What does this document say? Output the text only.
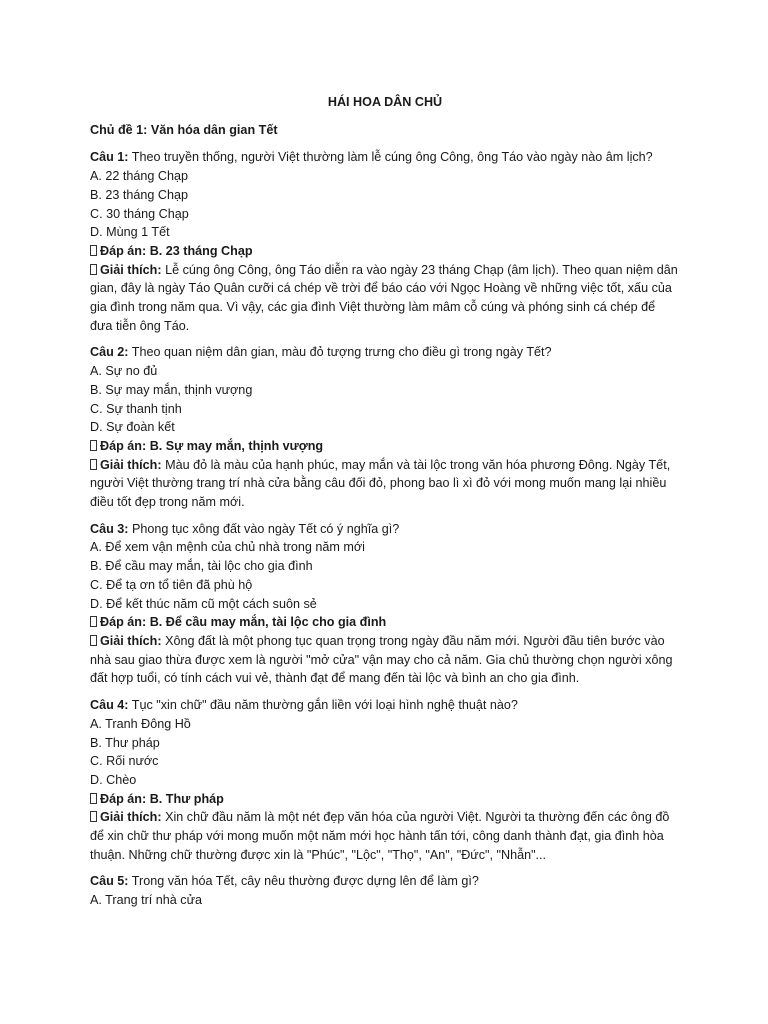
HÁI HOA DÂN CHỦ

Chủ đề 1: Văn hóa dân gian Tết

Câu 1: Theo truyền thống, người Việt thường làm lễ cúng ông Công, ông Táo vào ngày nào âm lịch?

A. 22 tháng Chạp

B. 23 tháng Chạp

C. 30 tháng Chạp

D. Mùng 1 Tết

Đáp án: B. 23 tháng Chạp

Giải thích: Lễ cúng ông Công, ông Táo diễn ra vào ngày 23 tháng Chạp (âm lịch). Theo quan niệm dân gian, đây là ngày Táo Quân cưỡi cá chép về trời để báo cáo với Ngọc Hoàng về những việc tốt, xấu của gia đình trong năm qua. Vì vậy, các gia đình Việt thường làm mâm cỗ cúng và phóng sinh cá chép để đưa tiễn ông Táo.

Câu 2: Theo quan niệm dân gian, màu đỏ tượng trưng cho điều gì trong ngày Tết?

A. Sự no đủ

B. Sự may mắn, thịnh vượng

C. Sự thanh tịnh

D. Sự đoàn kết

Đáp án: B. Sự may mắn, thịnh vượng

Giải thích: Màu đỏ là màu của hạnh phúc, may mắn và tài lộc trong văn hóa phương Đông. Ngày Tết, người Việt thường trang trí nhà cửa bằng câu đối đỏ, phong bao lì xì đỏ với mong muốn mang lại nhiều điều tốt đẹp trong năm mới.

Câu 3: Phong tục xông đất vào ngày Tết có ý nghĩa gì?

A. Để xem vận mệnh của chủ nhà trong năm mới

B. Để cầu may mắn, tài lộc cho gia đình

C. Để tạ ơn tổ tiên đã phù hộ

D. Để kết thúc năm cũ một cách suôn sẻ

Đáp án: B. Để cầu may mắn, tài lộc cho gia đình

Giải thích: Xông đất là một phong tục quan trọng trong ngày đầu năm mới. Người đầu tiên bước vào nhà sau giao thừa được xem là người "mở cửa" vận may cho cả năm. Gia chủ thường chọn người xông đất hợp tuổi, có tính cách vui vẻ, thành đạt để mang đến tài lộc và bình an cho gia đình.

Câu 4: Tục "xin chữ" đầu năm thường gắn liền với loại hình nghệ thuật nào?

A. Tranh Đông Hồ

B. Thư pháp

C. Rối nước

D. Chèo

Đáp án: B. Thư pháp

Giải thích: Xin chữ đầu năm là một nét đẹp văn hóa của người Việt. Người ta thường đến các ông đồ để xin chữ thư pháp với mong muốn một năm mới học hành tấn tới, công danh thành đạt, gia đình hòa thuận. Những chữ thường được xin là "Phúc", "Lộc", "Thọ", "An", "Đức", "Nhẫn"...

Câu 5: Trong văn hóa Tết, cây nêu thường được dựng lên để làm gì?

A. Trang trí nhà cửa
